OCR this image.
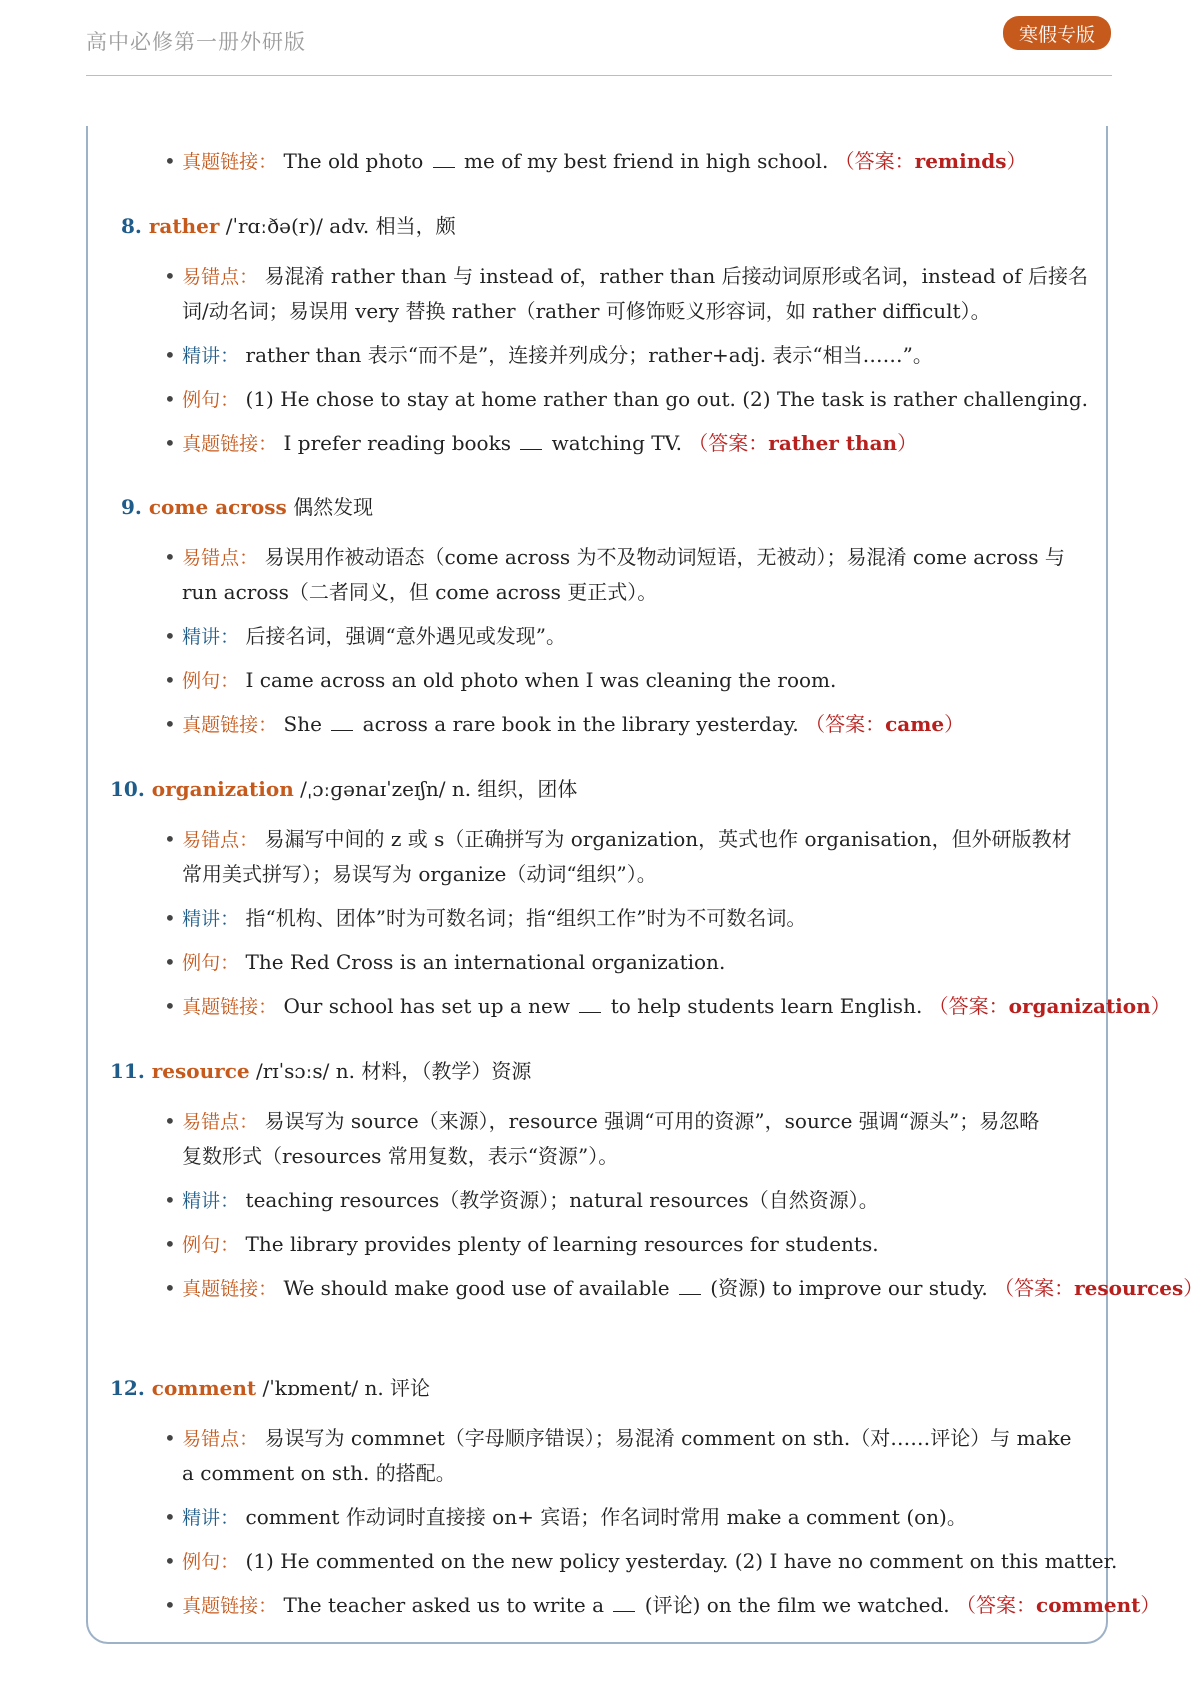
高中必修第一册外研版	寒假专版
• 真题链接： The old photo  me of my best friend in high school. （答案：reminds）
8. rather /ˈrɑːðə(r)/ adv. 相当，颇
• 易错点： 易混淆 rather than 与 instead of，rather than 后接动词原形或名词，instead of 后接名
词/动名词；易误用 very 替换 rather（rather 可修饰贬义形容词，如 rather difficult）。
• 精讲： rather than 表示“而不是”，连接并列成分；rather+adj. 表示“相当……”。
• 例句： (1) He chose to stay at home rather than go out. (2) The task is rather challenging.
• 真题链接： I prefer reading books  watching TV. （答案：rather than）
9. come across 偶然发现
• 易错点： 易误用作被动语态（come across 为不及物动词短语，无被动）；易混淆 come across 与
run across（二者同义，但 come across 更正式）。
• 精讲： 后接名词，强调“意外遇见或发现”。
• 例句： I came across an old photo when I was cleaning the room.
• 真题链接： She  across a rare book in the library yesterday. （答案：came）
10. organization /ˌɔːɡənaɪˈzeɪʃn/ n. 组织，团体
• 易错点： 易漏写中间的 z 或 s（正确拼写为 organization，英式也作 organisation，但外研版教材
常用美式拼写）；易误写为 organize（动词“组织”）。
• 精讲： 指“机构、团体”时为可数名词；指“组织工作”时为不可数名词。
• 例句： The Red Cross is an international organization.
• 真题链接： Our school has set up a new  to help students learn English. （答案：organization）
11. resource /rɪˈsɔːs/ n. 材料，（教学）资源
• 易错点： 易误写为 source（来源），resource 强调“可用的资源”，source 强调“源头”；易忽略
复数形式（resources 常用复数，表示“资源”）。
• 精讲： teaching resources（教学资源）；natural resources（自然资源）。
• 例句： The library provides plenty of learning resources for students.
• 真题链接： We should make good use of available  (资源) to improve our study. （答案：resources）
12. comment /ˈkɒment/ n. 评论
• 易错点： 易误写为 commnet（字母顺序错误）；易混淆 comment on sth.（对……评论）与 make
a comment on sth. 的搭配。
• 精讲： comment 作动词时直接接 on+ 宾语；作名词时常用 make a comment (on)。
• 例句： (1) He commented on the new policy yesterday. (2) I have no comment on this matter.
• 真题链接： The teacher asked us to write a  (评论) on the film we watched. （答案：comment）
